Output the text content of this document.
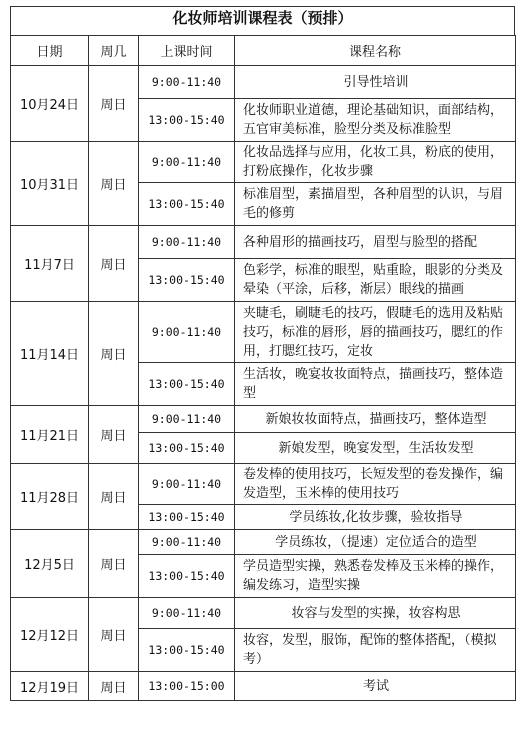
化妆师培训课程表（预排）
日期	周几	上课时间	课程名称
10月24日	周日	9:00-11:40	引导性培训
		13:00-15:40	化妆师职业道德，理论基础知识，面部结构，五官审美标准，脸型分类及标准脸型
10月31日	周日	9:00-11:40	化妆品选择与应用，化妆工具，粉底的使用，打粉底操作，化妆步骤
		13:00-15:40	标准眉型，素描眉型，各种眉型的认识，与眉毛的修剪
11月7日	周日	9:00-11:40	各种眉形的描画技巧，眉型与脸型的搭配
		13:00-15:40	色彩学，标准的眼型，贴重睑，眼影的分类及晕染（平涂，后移，渐层）眼线的描画
11月14日	周日	9:00-11:40	夹睫毛，刷睫毛的技巧，假睫毛的选用及粘贴技巧，标准的唇形，唇的描画技巧，腮红的作用，打腮红技巧，定妆
		13:00-15:40	生活妆，晚宴妆妆面特点，描画技巧，整体造型
11月21日	周日	9:00-11:40	新娘妆妆面特点，描画技巧，整体造型
		13:00-15:40	新娘发型，晚宴发型，生活妆发型
11月28日	周日	9:00-11:40	卷发棒的使用技巧，长短发型的卷发操作，编发造型，玉米棒的使用技巧
		13:00-15:40	学员练妆,化妆步骤，验妆指导
12月5日	周日	9:00-11:40	学员练妆，（提速）定位适合的造型
		13:00-15:40	学员造型实操，熟悉卷发棒及玉米棒的操作，编发练习，造型实操
12月12日	周日	9:00-11:40	妆容与发型的实操，妆容构思
		13:00-15:40	妆容，发型，服饰，配饰的整体搭配，（模拟考）
12月19日	周日	13:00-15:00	考试
